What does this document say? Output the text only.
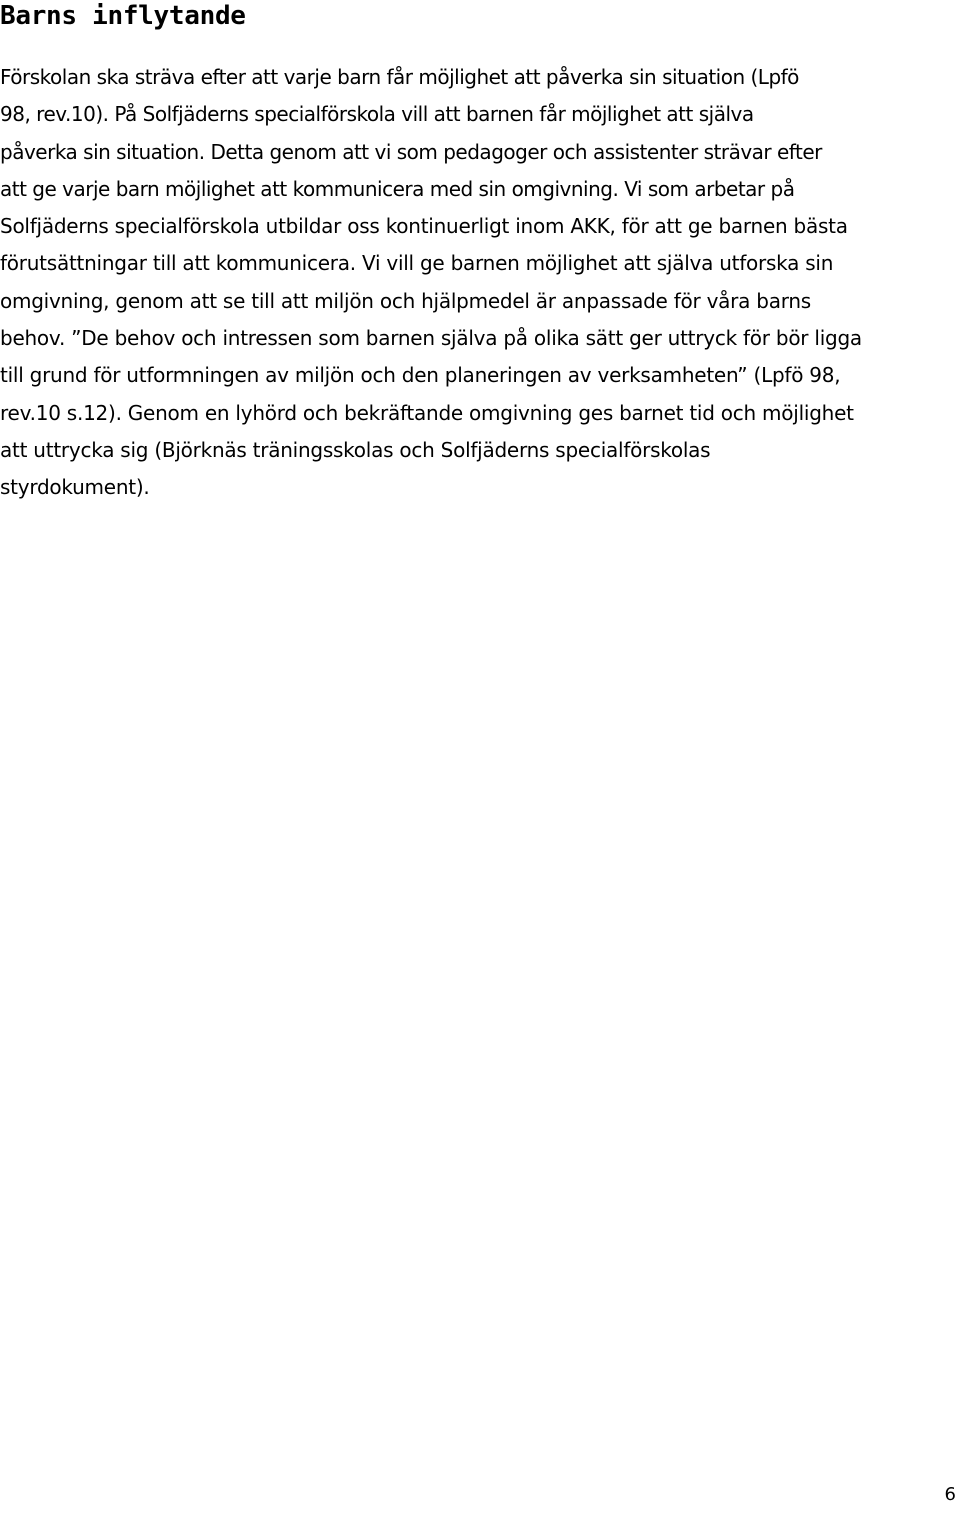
Barns inflytande
Förskolan ska sträva efter att varje barn får möjlighet att påverka sin situation (Lpfö
98, rev.10). På Solfjäderns specialförskola vill att barnen får möjlighet att själva
påverka sin situation. Detta genom att vi som pedagoger och assistenter strävar efter
att ge varje barn möjlighet att kommunicera med sin omgivning. Vi som arbetar på
Solfjäderns specialförskola utbildar oss kontinuerligt inom AKK, för att ge barnen bästa
förutsättningar till att kommunicera. Vi vill ge barnen möjlighet att själva utforska sin
omgivning, genom att se till att miljön och hjälpmedel är anpassade för våra barns
behov. ”De behov och intressen som barnen själva på olika sätt ger uttryck för bör ligga
till grund för utformningen av miljön och den planeringen av verksamheten” (Lpfö 98,
rev.10 s.12). Genom en lyhörd och bekräftande omgivning ges barnet tid och möjlighet
att uttrycka sig (Björknäs träningsskolas och Solfjäderns specialförskolas
styrdokument).
6
